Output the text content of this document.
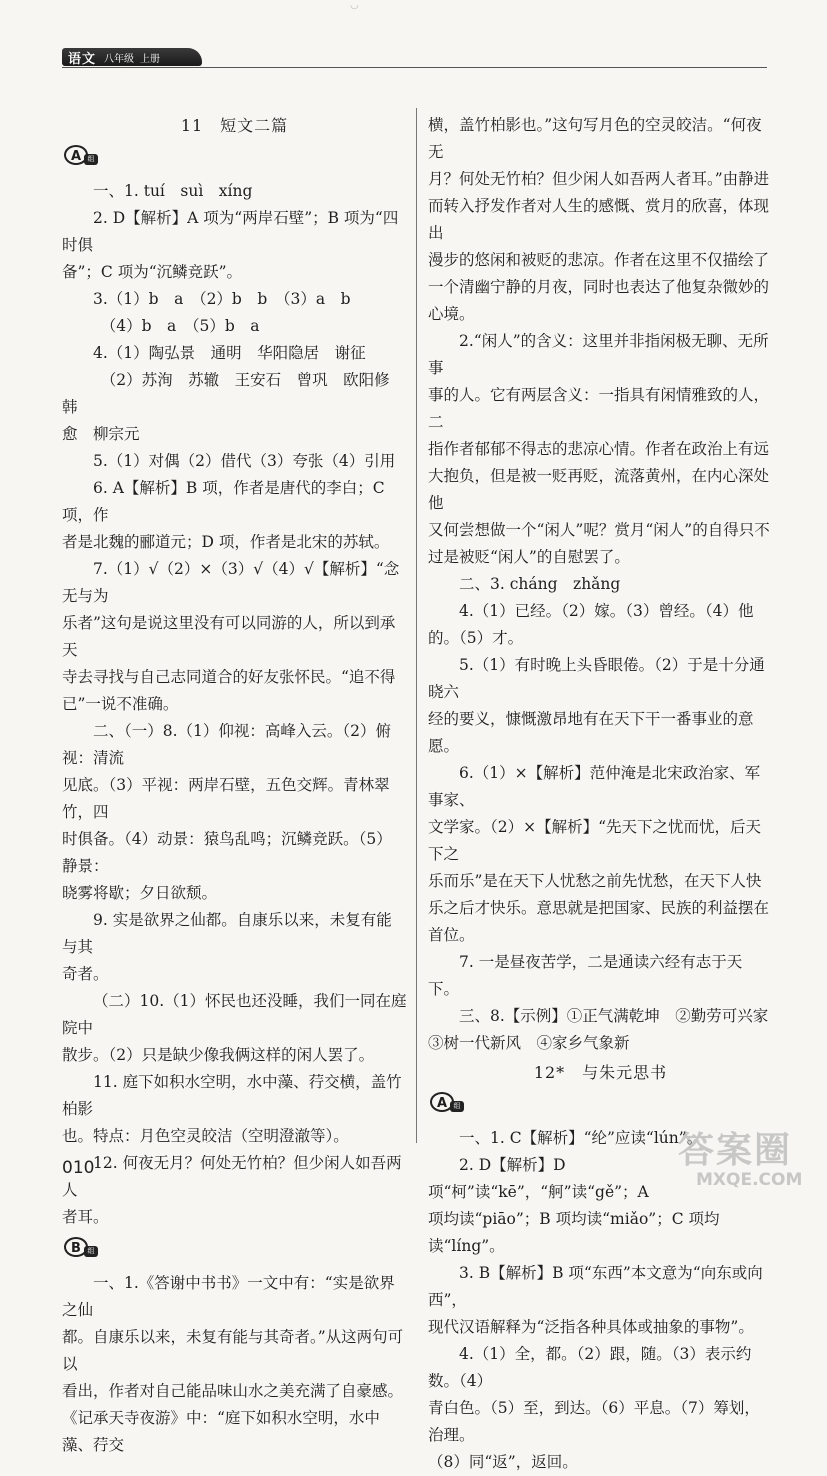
◡
语文 八年级 上册

11　短文二篇

A 组

一、1. tuí　suì　xíng

2. D【解析】A 项为“两岸石壁”；B 项为“四时俱

备”；C 项为“沉鳞竞跃”。

3.（1）b　a　（2）b　b　（3）a　b

　（4）b　a　（5）b　a

4.（1）陶弘景　通明　华阳隐居　谢征

　（2）苏洵　苏辙　王安石　曾巩　欧阳修　韩

愈　柳宗元

5.（1）对偶（2）借代（3）夸张（4）引用

6. A【解析】B 项，作者是唐代的李白；C 项，作

者是北魏的郦道元；D 项，作者是北宋的苏轼。

7.（1）√（2）×（3）√（4）√【解析】“念无与为

乐者”这句是说这里没有可以同游的人，所以到承天

寺去寻找与自己志同道合的好友张怀民。“追不得

已”一说不准确。

二、（一）8.（1）仰视：高峰入云。（2）俯视：清流

见底。（3）平视：两岸石壁，五色交辉。青林翠竹，四

时俱备。（4）动景：猿鸟乱鸣；沉鳞竞跃。（5）静景：

晓雾将歇；夕日欲颓。

9. 实是欲界之仙都。自康乐以来，未复有能与其

奇者。

（二）10.（1）怀民也还没睡，我们一同在庭院中

散步。（2）只是缺少像我俩这样的闲人罢了。

11. 庭下如积水空明，水中藻、荇交横，盖竹柏影

也。特点：月色空灵皎洁（空明澄澈等）。

12. 何夜无月？何处无竹柏？但少闲人如吾两人

者耳。

B 组

一、1.《答谢中书书》一文中有：“实是欲界之仙

都。自康乐以来，未复有能与其奇者。”从这两句可以

看出，作者对自己能品味山水之美充满了自豪感。

《记承天寺夜游》中：“庭下如积水空明，水中藻、荇交

横，盖竹柏影也。”这句写月色的空灵皎洁。“何夜无

月？何处无竹柏？但少闲人如吾两人者耳。”由静进

而转入抒发作者对人生的感慨、赏月的欣喜，体现出

漫步的悠闲和被贬的悲凉。作者在这里不仅描绘了

一个清幽宁静的月夜，同时也表达了他复杂微妙的

心境。

2.“闲人”的含义：这里并非指闲极无聊、无所事

事的人。它有两层含义：一指具有闲情雅致的人，二

指作者郁郁不得志的悲凉心情。作者在政治上有远

大抱负，但是被一贬再贬，流落黄州，在内心深处他

又何尝想做一个“闲人”呢？赏月“闲人”的自得只不

过是被贬“闲人”的自慰罢了。

二、3. cháng　zhǎng

4.（1）已经。（2）嫁。（3）曾经。（4）他的。（5）才。

5.（1）有时晚上头昏眼倦。（2）于是十分通晓六

经的要义，慷慨激昂地有在天下干一番事业的意愿。

6.（1）×【解析】范仲淹是北宋政治家、军事家、

文学家。（2）×【解析】“先天下之忧而忧，后天下之

乐而乐”是在天下人忧愁之前先忧愁，在天下人快

乐之后才快乐。意思就是把国家、民族的利益摆在

首位。

7. 一是昼夜苦学，二是通读六经有志于天下。

三、8.【示例】①正气满乾坤　②勤劳可兴家

③树一代新风　④家乡气象新

12*　与朱元思书

A 组

一、1. C【解析】“纶”应读“lún”。

2. D【解析】D 项“柯”读“kē”，“舸”读“gě”；A

项均读“piāo”；B 项均读“miǎo”；C 项均读“líng”。

3. B【解析】B 项“东西”本文意为“向东或向西”，

现代汉语解释为“泛指各种具体或抽象的事物”。

4.（1）全，都。（2）跟，随。（3）表示约数。（4）

青白色。（5）至，到达。（6）平息。（7）筹划，治理。

（8）同“返”，返回。

010	答案圈
MXQE.COM
